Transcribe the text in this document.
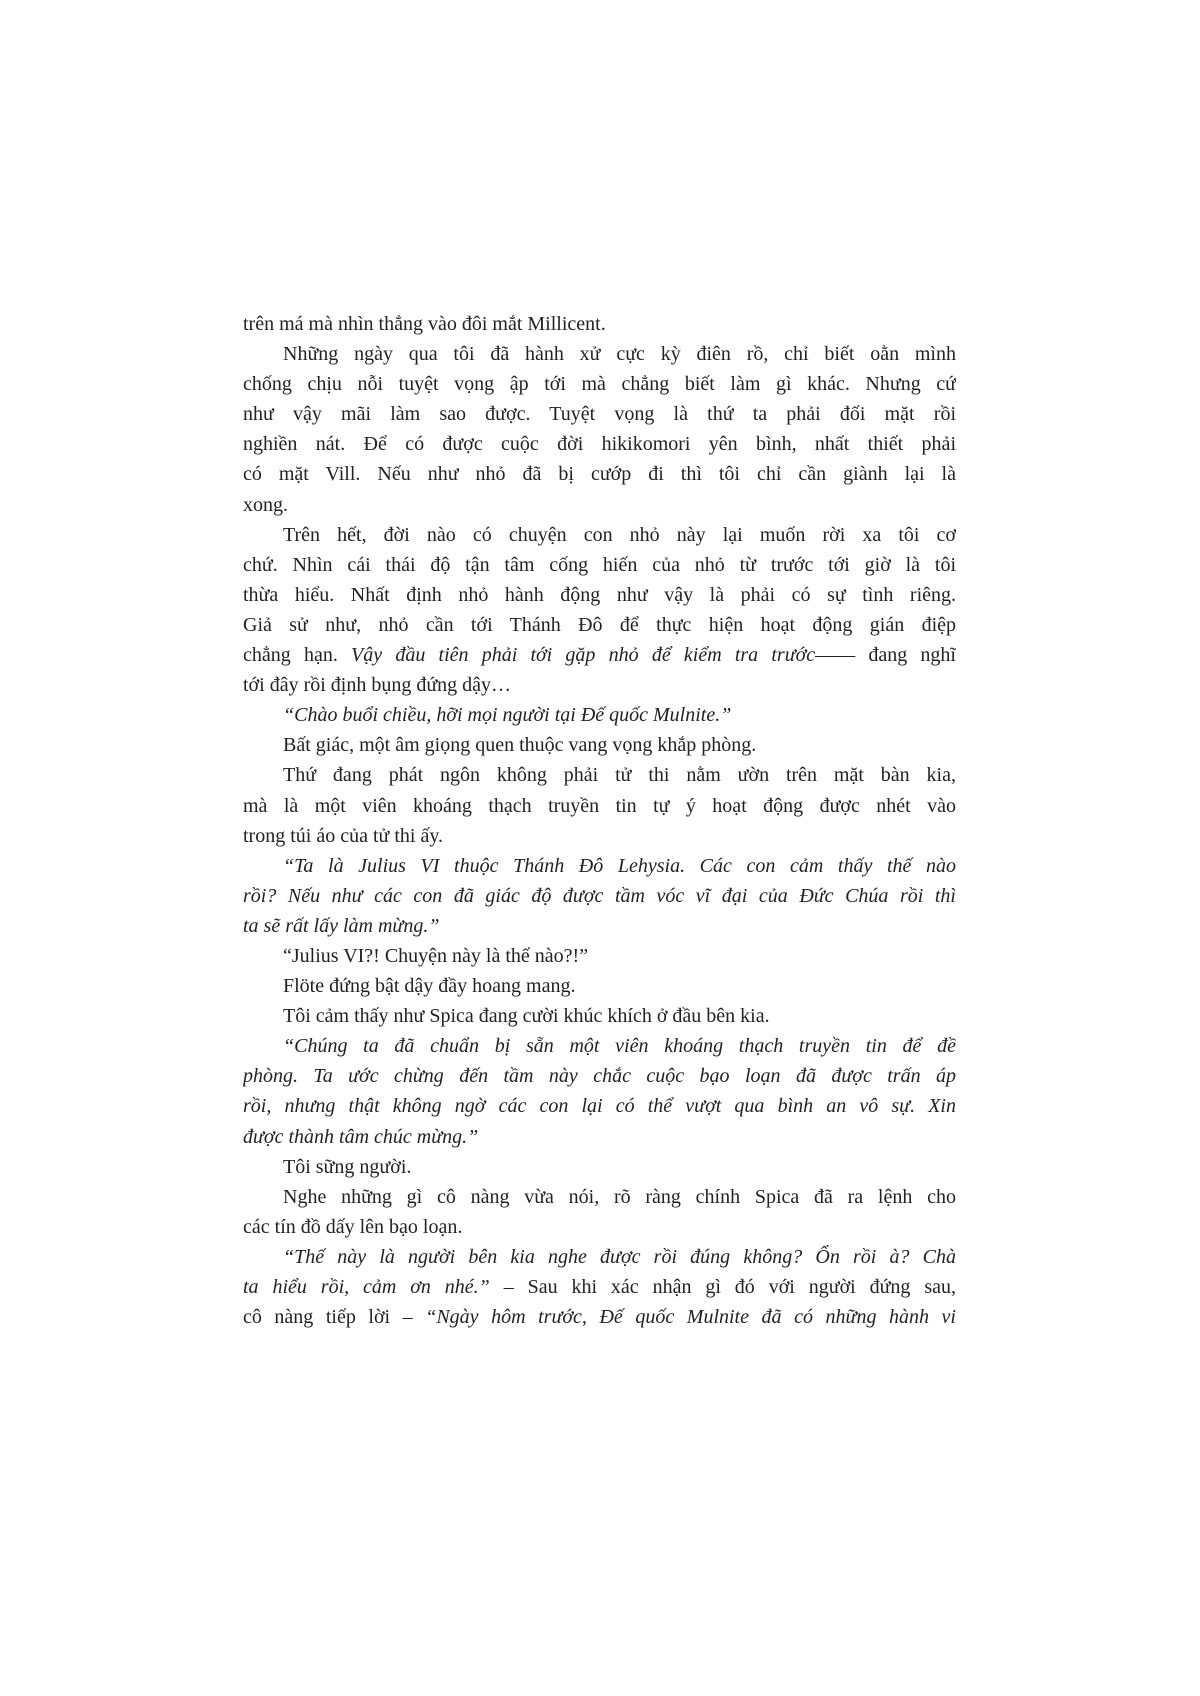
trên má mà nhìn thẳng vào đôi mắt Millicent.
Những ngày qua tôi đã hành xử cực kỳ điên rồ, chỉ biết oằn mình
chống chịu nỗi tuyệt vọng ập tới mà chẳng biết làm gì khác. Nhưng cứ
như vậy mãi làm sao được. Tuyệt vọng là thứ ta phải đối mặt rồi
nghiền nát. Để có được cuộc đời hikikomori yên bình, nhất thiết phải
có mặt Vill. Nếu như nhỏ đã bị cướp đi thì tôi chỉ cần giành lại là
xong.
Trên hết, đời nào có chuyện con nhỏ này lại muốn rời xa tôi cơ
chứ. Nhìn cái thái độ tận tâm cống hiến của nhỏ từ trước tới giờ là tôi
thừa hiểu. Nhất định nhỏ hành động như vậy là phải có sự tình riêng.
Giả sử như, nhỏ cần tới Thánh Đô để thực hiện hoạt động gián điệp
chẳng hạn. Vậy đầu tiên phải tới gặp nhỏ để kiểm tra trước—— đang nghĩ
tới đây rồi định bụng đứng dậy…
“Chào buổi chiều, hỡi mọi người tại Đế quốc Mulnite.”
Bất giác, một âm giọng quen thuộc vang vọng khắp phòng.
Thứ đang phát ngôn không phải tử thi nằm ườn trên mặt bàn kia,
mà là một viên khoáng thạch truyền tin tự ý hoạt động được nhét vào
trong túi áo của tử thi ấy.
“Ta là Julius VI thuộc Thánh Đô Lehysia. Các con cảm thấy thế nào
rồi? Nếu như các con đã giác độ được tầm vóc vĩ đại của Đức Chúa rồi thì
ta sẽ rất lấy làm mừng.”
“Julius VI?! Chuyện này là thế nào?!”
Flöte đứng bật dậy đầy hoang mang.
Tôi cảm thấy như Spica đang cười khúc khích ở đầu bên kia.
“Chúng ta đã chuẩn bị sẵn một viên khoáng thạch truyền tin để đề
phòng. Ta ước chừng đến tầm này chắc cuộc bạo loạn đã được trấn áp
rồi, nhưng thật không ngờ các con lại có thể vượt qua bình an vô sự. Xin
được thành tâm chúc mừng.”
Tôi sững người.
Nghe những gì cô nàng vừa nói, rõ ràng chính Spica đã ra lệnh cho
các tín đồ dấy lên bạo loạn.
“Thế này là người bên kia nghe được rồi đúng không? Ổn rồi à? Chà
ta hiểu rồi, cảm ơn nhé.” – Sau khi xác nhận gì đó với người đứng sau,
cô nàng tiếp lời – “Ngày hôm trước, Đế quốc Mulnite đã có những hành vi
